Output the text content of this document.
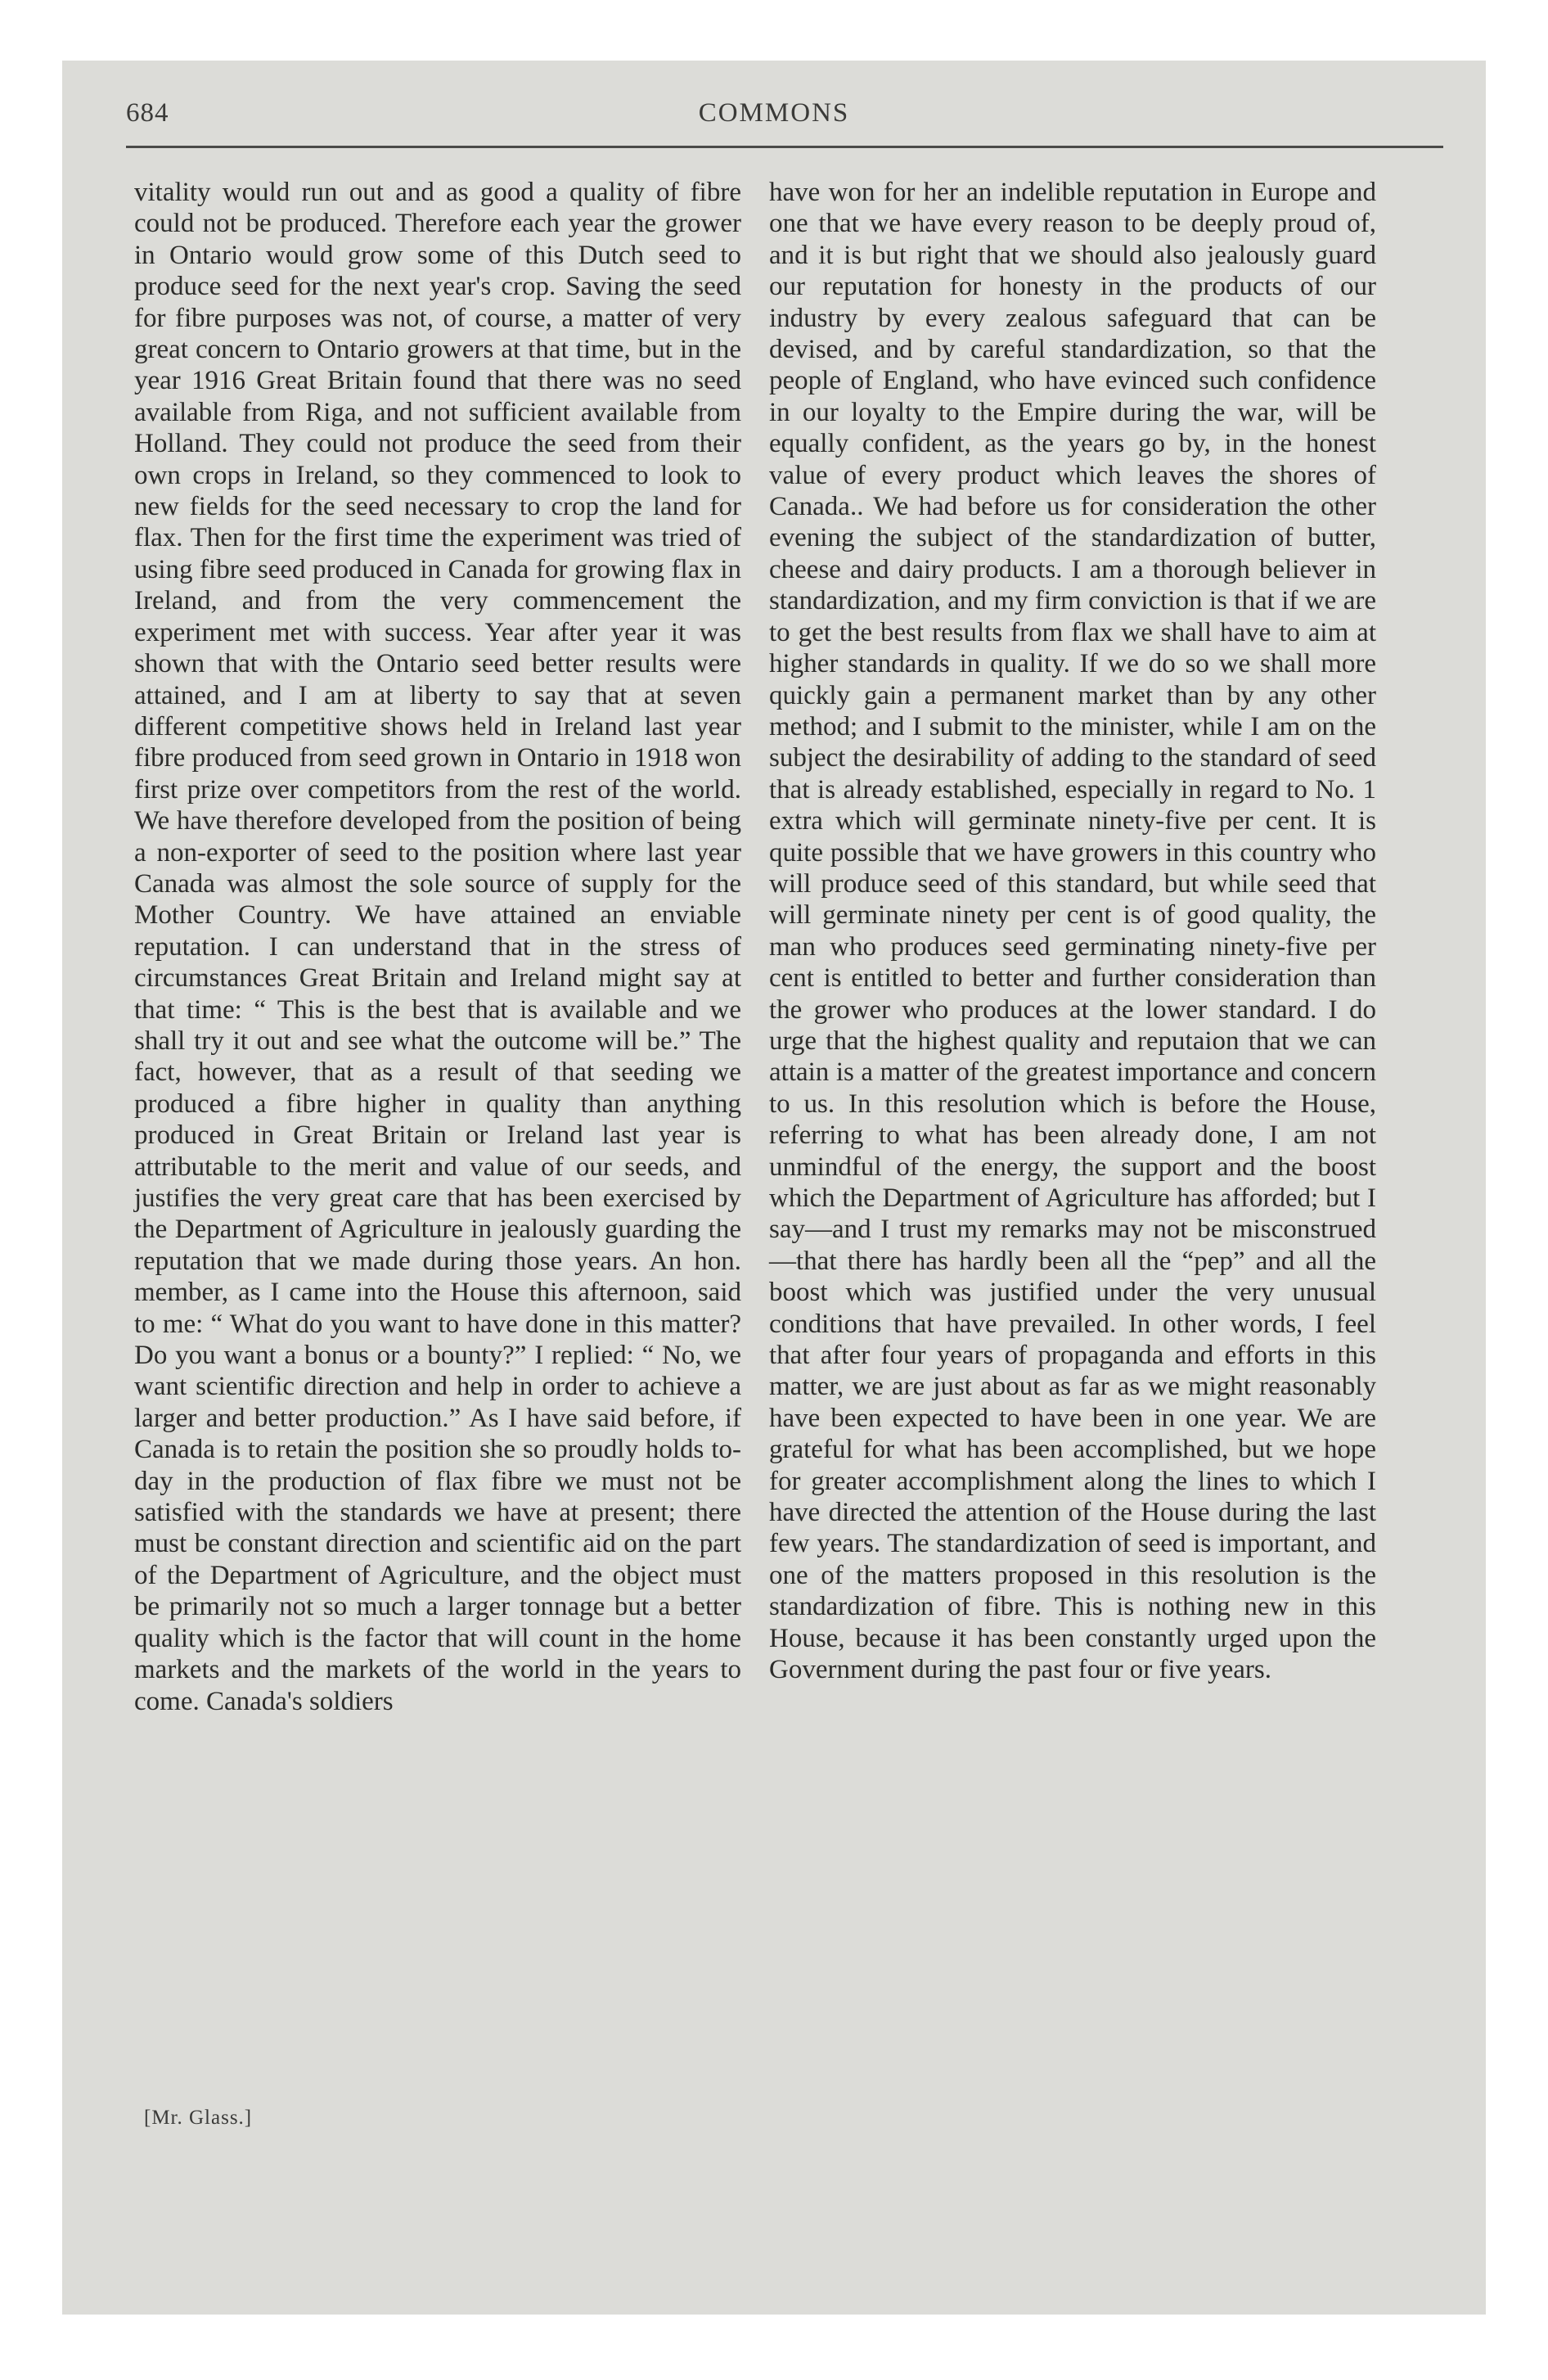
684	COMMONS

vitality would run out and as good a quality of fibre could not be produced. Therefore each year the grower in Ontario would grow some of this Dutch seed to produce seed for the next year's crop. Saving the seed for fibre purposes was not, of course, a matter of very great concern to Ontario growers at that time, but in the year 1916 Great Britain found that there was no seed available from Riga, and not sufficient available from Holland. They could not produce the seed from their own crops in Ireland, so they commenced to look to new fields for the seed necessary to crop the land for flax. Then for the first time the experiment was tried of using fibre seed produced in Canada for growing flax in Ireland, and from the very commencement the experiment met with success. Year after year it was shown that with the Ontario seed better results were attained, and I am at liberty to say that at seven different competitive shows held in Ireland last year fibre produced from seed grown in Ontario in 1918 won first prize over competitors from the rest of the world. We have therefore developed from the position of being a non-exporter of seed to the position where last year Canada was almost the sole source of supply for the Mother Country. We have attained an enviable reputation. I can understand that in the stress of circumstances Great Britain and Ireland might say at that time: “ This is the best that is available and we shall try it out and see what the outcome will be.” The fact, however, that as a result of that seeding we produced a fibre higher in quality than anything produced in Great Britain or Ireland last year is attributable to the merit and value of our seeds, and justifies the very great care that has been exercised by the Department of Agriculture in jealously guarding the reputation that we made during those years. An hon. member, as I came into the House this afternoon, said to me: “ What do you want to have done in this matter? Do you want a bonus or a bounty?” I replied: “ No, we want scientific direction and help in order to achieve a larger and better production.” As I have said before, if Canada is to retain the position she so proudly holds to-day in the production of flax fibre we must not be satisfied with the standards we have at present; there must be constant direction and scientific aid on the part of the Department of Agriculture, and the object must be primarily not so much a larger tonnage but a better quality which is the factor that will count in the home markets and the markets of the world in the years to come. Canada's soldiers

have won for her an indelible reputation in Europe and one that we have every reason to be deeply proud of, and it is but right that we should also jealously guard our reputation for honesty in the products of our industry by every zealous safeguard that can be devised, and by careful standardization, so that the people of England, who have evinced such confidence in our loyalty to the Empire during the war, will be equally confident, as the years go by, in the honest value of every product which leaves the shores of Canada.. We had before us for consideration the other evening the subject of the standardization of butter, cheese and dairy products. I am a thorough believer in standardization, and my firm conviction is that if we are to get the best results from flax we shall have to aim at higher standards in quality. If we do so we shall more quickly gain a permanent market than by any other method; and I submit to the minister, while I am on the subject the desirability of adding to the standard of seed that is already established, especially in regard to No. 1 extra which will germinate ninety-five per cent. It is quite possible that we have growers in this country who will produce seed of this standard, but while seed that will germinate ninety per cent is of good quality, the man who produces seed germinating ninety-five per cent is entitled to better and further consideration than the grower who produces at the lower standard. I do urge that the highest quality and reputaion that we can attain is a matter of the greatest importance and concern to us. In this resolution which is before the House, referring to what has been already done, I am not unmindful of the energy, the support and the boost which the Department of Agriculture has afforded; but I say—and I trust my remarks may not be misconstrued—that there has hardly been all the “pep” and all the boost which was justified under the very unusual conditions that have prevailed. In other words, I feel that after four years of propaganda and efforts in this matter, we are just about as far as we might reasonably have been expected to have been in one year. We are grateful for what has been accomplished, but we hope for greater accomplishment along the lines to which I have directed the attention of the House during the last few years. The standardization of seed is important, and one of the matters proposed in this resolution is the standardization of fibre. This is nothing new in this House, because it has been constantly urged upon the Government during the past four or five years.

[Mr. Glass.]
